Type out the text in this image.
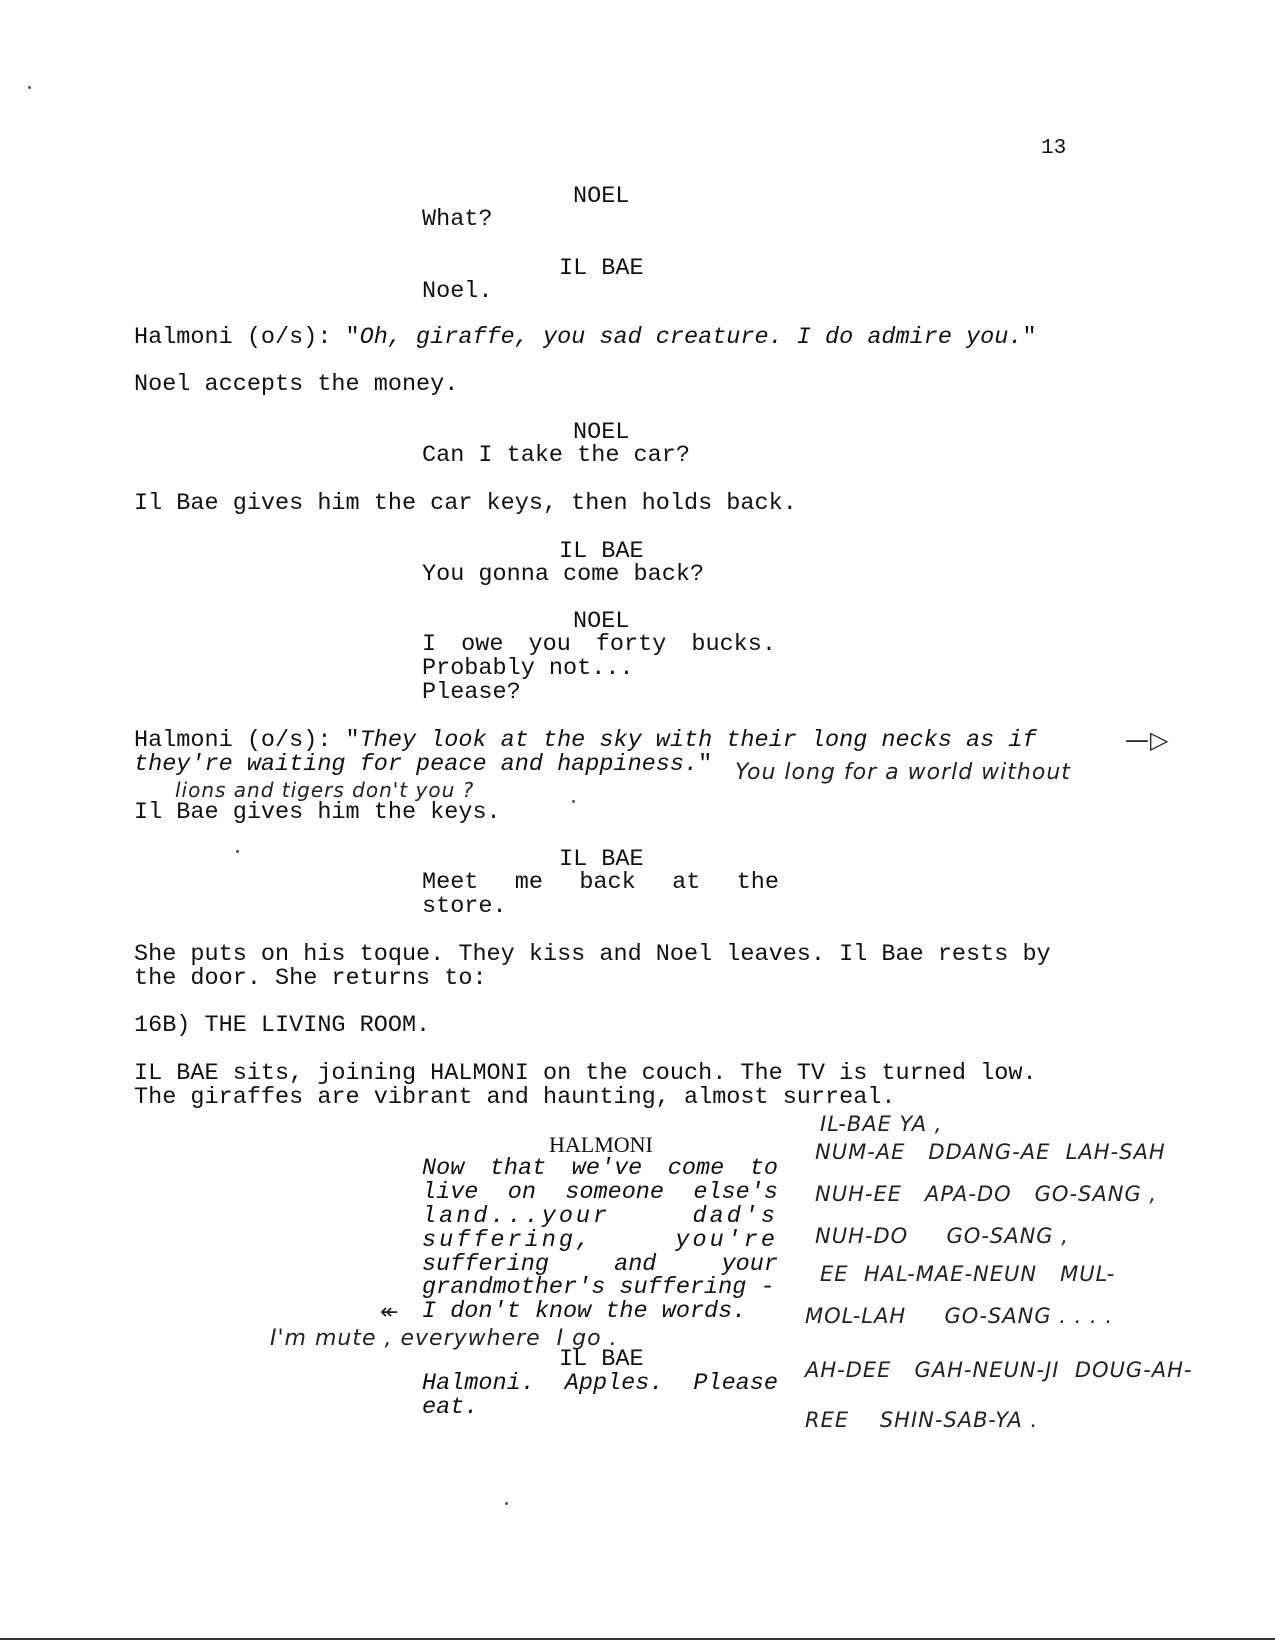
13
NOEL
What?
IL BAE
Noel.
Halmoni (o/s): "Oh, giraffe, you sad creature. I do admire you."
Noel accepts the money.
NOEL
Can I take the car?
Il Bae gives him the car keys, then holds back.
IL BAE
You gonna come back?
NOEL
I owe you forty bucks.
Probably not...
Please?
Halmoni (o/s): "They look at the sky with their long necks as if
they're waiting for peace and happiness."
—▷
You long for a world without
lions and tigers don't you ?
Il Bae gives him the keys.
IL BAE
Meet me back at the
store.
She puts on his toque. They kiss and Noel leaves. Il Bae rests by
the door. She returns to:
16B) THE LIVING ROOM.
IL BAE sits, joining HALMONI on the couch. The TV is turned low.
The giraffes are vibrant and haunting, almost surreal.
HALMONI
Now that we've come to
live on someone else's
land...your	dad's
suffering,	you're
suffering	and	your
grandmother's suffering -
I don't know the words.
↞
I'm mute , everywhere  I go .
IL BAE
Halmoni. Apples. Please
eat.
IL-BAE YA ,
NUM-AE   DDANG-AE  LAH-SAH
NUH-EE   APA-DO   GO-SANG ,
NUH-DO     GO-SANG ,
EE  HAL-MAE-NEUN   MUL-
MOL-LAH     GO-SANG . . . .
AH-DEE   GAH-NEUN-JI  DOUG-AH-
REE    SHIN-SAB-YA .
